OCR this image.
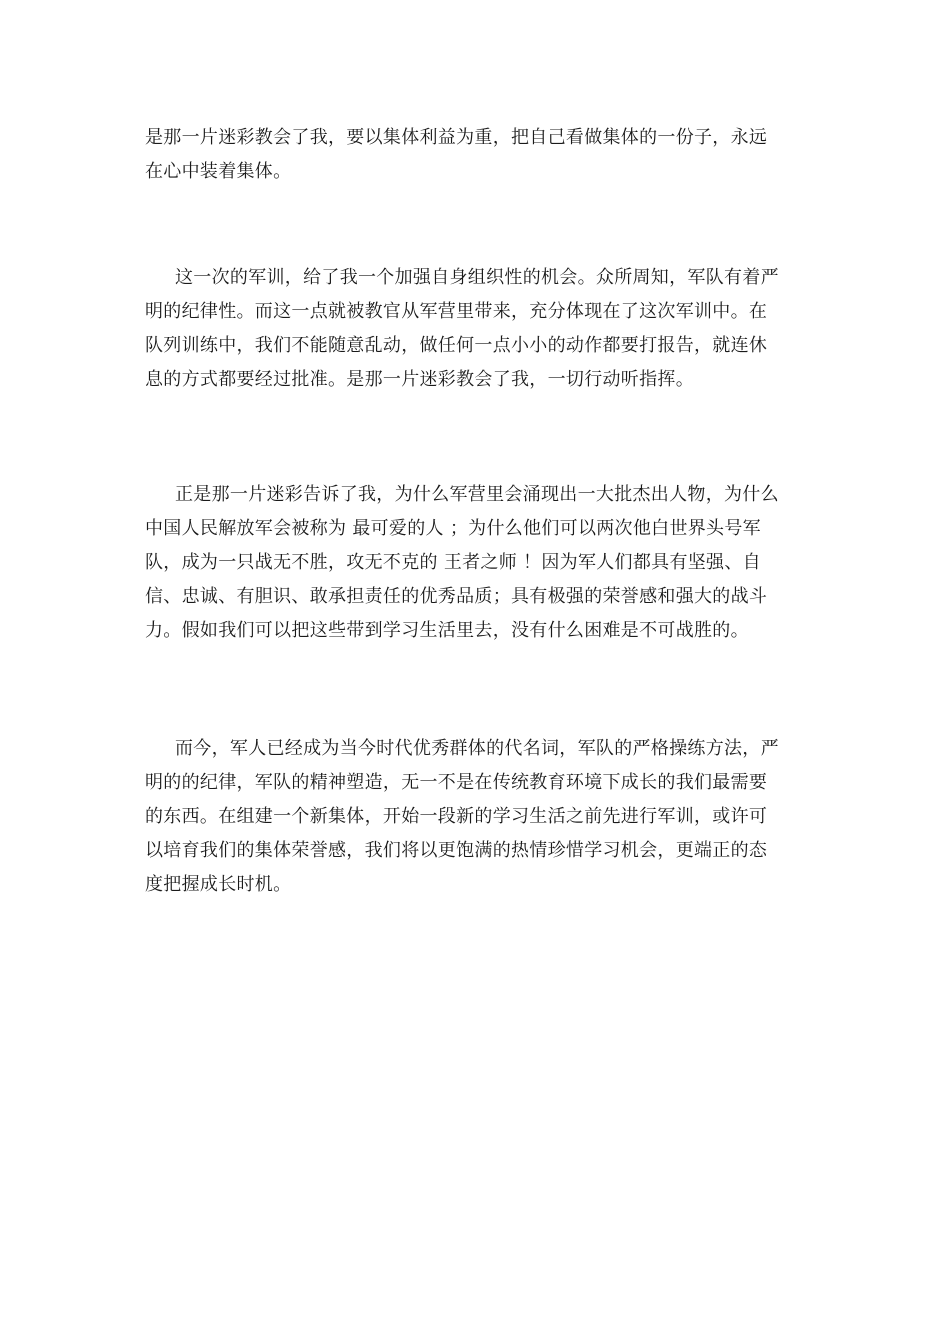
是那一片迷彩教会了我，要以集体利益为重，把自己看做集体的一份子，永远
在心中装着集体。

这一次的军训，给了我一个加强自身组织性的机会。众所周知，军队有着严
明的纪律性。而这一点就被教官从军营里带来，充分体现在了这次军训中。在
队列训练中，我们不能随意乱动，做任何一点小小的动作都要打报告，就连休
息的方式都要经过批准。是那一片迷彩教会了我，一切行动听指挥。

正是那一片迷彩告诉了我，为什么军营里会涌现出一大批杰出人物，为什么
中国人民解放军会被称为 最可爱的人 ；为什么他们可以两次他白世界头号军
队，成为一只战无不胜，攻无不克的 王者之师 ！因为军人们都具有坚强、自
信、忠诚、有胆识、敢承担责任的优秀品质；具有极强的荣誉感和强大的战斗
力。假如我们可以把这些带到学习生活里去，没有什么困难是不可战胜的。

而今，军人已经成为当今时代优秀群体的代名词，军队的严格操练方法，严
明的的纪律，军队的精神塑造，无一不是在传统教育环境下成长的我们最需要
的东西。在组建一个新集体，开始一段新的学习生活之前先进行军训，或许可
以培育我们的集体荣誉感，我们将以更饱满的热情珍惜学习机会，更端正的态
度把握成长时机。
